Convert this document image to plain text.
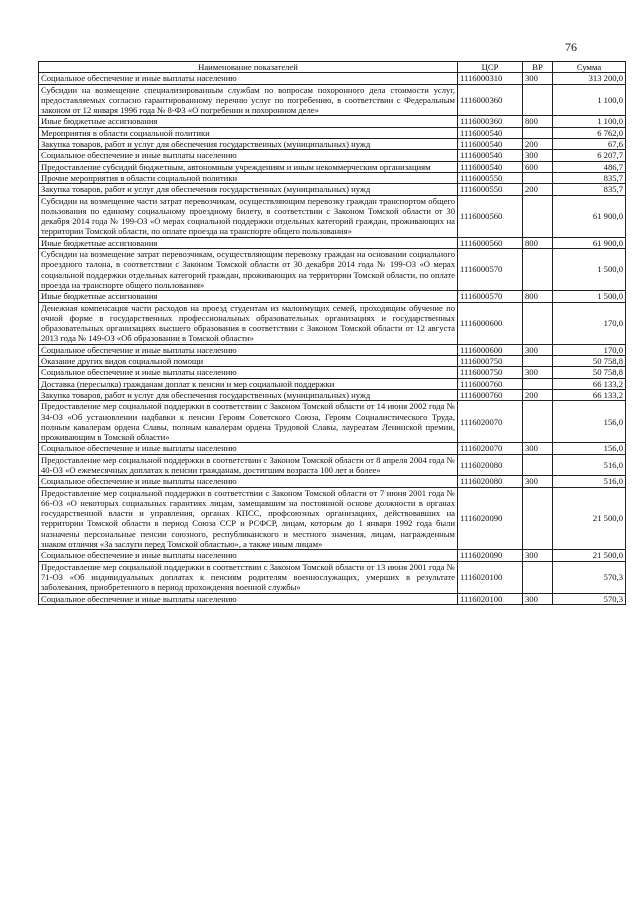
76
Наименование показателей	ЦСР	ВР	Сумма
Социальное обеспечение и иные выплаты населению	1116000310	300	313 200,0
Субсидии на возмещение специализированным службам по вопросам похоронного дела стоимости услуг, предоставляемых согласно гарантированному перечню услуг по погребению, в соответствии с Федеральным законом от 12 января 1996 года № 8-ФЗ «О погребении и похоронном деле»	1116000360		1 100,0
Иные бюджетные ассигнования	1116000360	800	1 100,0
Мероприятия в области социальной политики	1116000540		6 762,0
Закупка товаров, работ и услуг для обеспечения государственных (муниципальных) нужд	1116000540	200	67,6
Социальное обеспечение и иные выплаты населению	1116000540	300	6 207,7
Предоставление субсидий бюджетным, автономным учреждениям и иным некоммерческим организациям	1116000540	600	486,7
Прочие мероприятия в области социальной политики	1116000550		835,7
Закупка товаров, работ и услуг для обеспечения государственных (муниципальных) нужд	1116000550	200	835,7
Субсидии на возмещение части затрат перевозчикам, осуществляющим перевозку граждан транспортом общего пользования по единому социальному проездному билету, в соответствии с Законом Томской области от 30 декабря 2014 года № 199-ОЗ «О мерах социальной поддержки отдельных категорий граждан, проживающих на территории Томской области, по оплате проезда на транспорте общего пользования»	1116000560		61 900,0
Иные бюджетные ассигнования	1116000560	800	61 900,0
Субсидии на возмещение затрат перевозчикам, осуществляющим перевозку граждан на основании социального проездного талона, в соответствии с Законом Томской области от 30 декабря 2014 года № 199-ОЗ «О мерах социальной поддержки отдельных категорий граждан, проживающих на территории Томской области, по оплате проезда на транспорте общего пользования»	1116000570		1 500,0
Иные бюджетные ассигнования	1116000570	800	1 500,0
Денежная компенсация части расходов на проезд студентам из малоимущих семей, проходящим обучение по очной форме в государственных профессиональных образовательных организациях и государственных образовательных организациях высшего образования в соответствии с Законом Томской области от 12 августа 2013 года № 149-ОЗ «Об образовании в Томской области»	1116000600		170,0
Социальное обеспечение и иные выплаты населению	1116000600	300	170,0
Оказание других видов социальной помощи	1116000750		50 758,8
Социальное обеспечение и иные выплаты населению	1116000750	300	50 758,8
Доставка (пересылка) гражданам доплат к пенсии и мер социальной поддержки	1116000760		66 133,2
Закупка товаров, работ и услуг для обеспечения государственных (муниципальных) нужд	1116000760	200	66 133,2
Предоставление мер социальной поддержки в соответствии с Законом Томской области от 14 июня 2002 года № 34-ОЗ «Об установлении надбавки к пенсии Героям Советского Союза, Героям Социалистического Труда, полным кавалерам ордена Славы, полным кавалерам ордена Трудовой Славы, лауреатам Ленинской премии, проживающим в Томской области»	1116020070		156,0
Социальное обеспечение и иные выплаты населению	1116020070	300	156,0
Предоставление мер социальной поддержки в соответствии с Законом Томской области от 8 апреля 2004 года № 40-ОЗ «О ежемесячных доплатах к пенсии гражданам, достигшим возраста 100 лет и более»	1116020080		516,0
Социальное обеспечение и иные выплаты населению	1116020080	300	516,0
Предоставление мер социальной поддержки в соответствии с Законом Томской области от 7 июня 2001 года № 66-ОЗ «О некоторых социальных гарантиях лицам, замещавшим на постоянной основе должности в органах государственной власти и управления, органах КПСС, профсоюзных организациях, действовавших на территории Томской области в период Союза ССР и РСФСР, лицам, которым до 1 января 1992 года были назначены персональные пенсии союзного, республиканского и местного значения, лицам, награжденным знаком отличия «За заслуги перед Томской областью», а также иным лицам»	1116020090		21 500,0
Социальное обеспечение и иные выплаты населению	1116020090	300	21 500,0
Предоставление мер социальной поддержки в соответствии с Законом Томской области от 13 июня 2001 года № 71-ОЗ «Об индивидуальных доплатах к пенсиям родителям военнослужащих, умерших в результате заболевания, приобретенного в период прохождения военной службы»	1116020100		570,3
Социальное обеспечение и иные выплаты населению	1116020100	300	570,3
